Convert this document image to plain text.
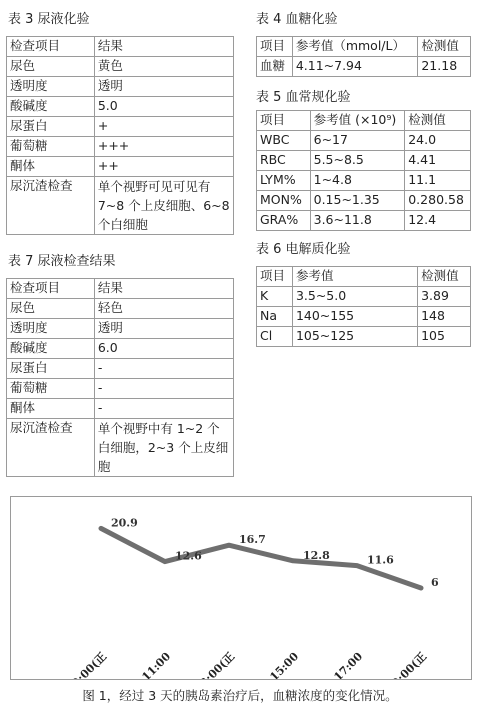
表 3 尿液化验
检查项目	结果
尿色	黄色
透明度	透明
酸碱度	5.0
尿蛋白	+
葡萄糖	+++
酮体	++
尿沉渣检查	单个视野可见可见有 7~8 个上皮细胞、6~8 个白细胞
表 7 尿液检查结果
检查项目	结果
尿色	轻色
透明度	透明
酸碱度	6.0
尿蛋白	-
葡萄糖	-
酮体	-
尿沉渣检查	单个视野中有 1~2 个白细胞，2~3 个上皮细胞
表 4 血糖化验
项目	参考值（mmol/L）	检测值
血糖	4.11~7.94	21.18
表 5 血常规化验
项目	参考值 (×10⁹)	检测值
WBC	6~17	24.0
RBC	5.5~8.5	4.41
LYM%	1~4.8	11.1
MON%	0.15~1.35	0.280.58
GRA%	3.6~11.8	12.4
表 6 电解质化验
项目	参考值	检测值
K	3.5~5.0	3.89
Na	140~155	148
Cl	105~125	105
20.9
9:00(正
12.6
11:00
16.7
13:00(正
12.8
15:00
11.6
17:00
6
19:00(正
图 1，经过 3 天的胰岛素治疗后，血糖浓度的变化情况。
